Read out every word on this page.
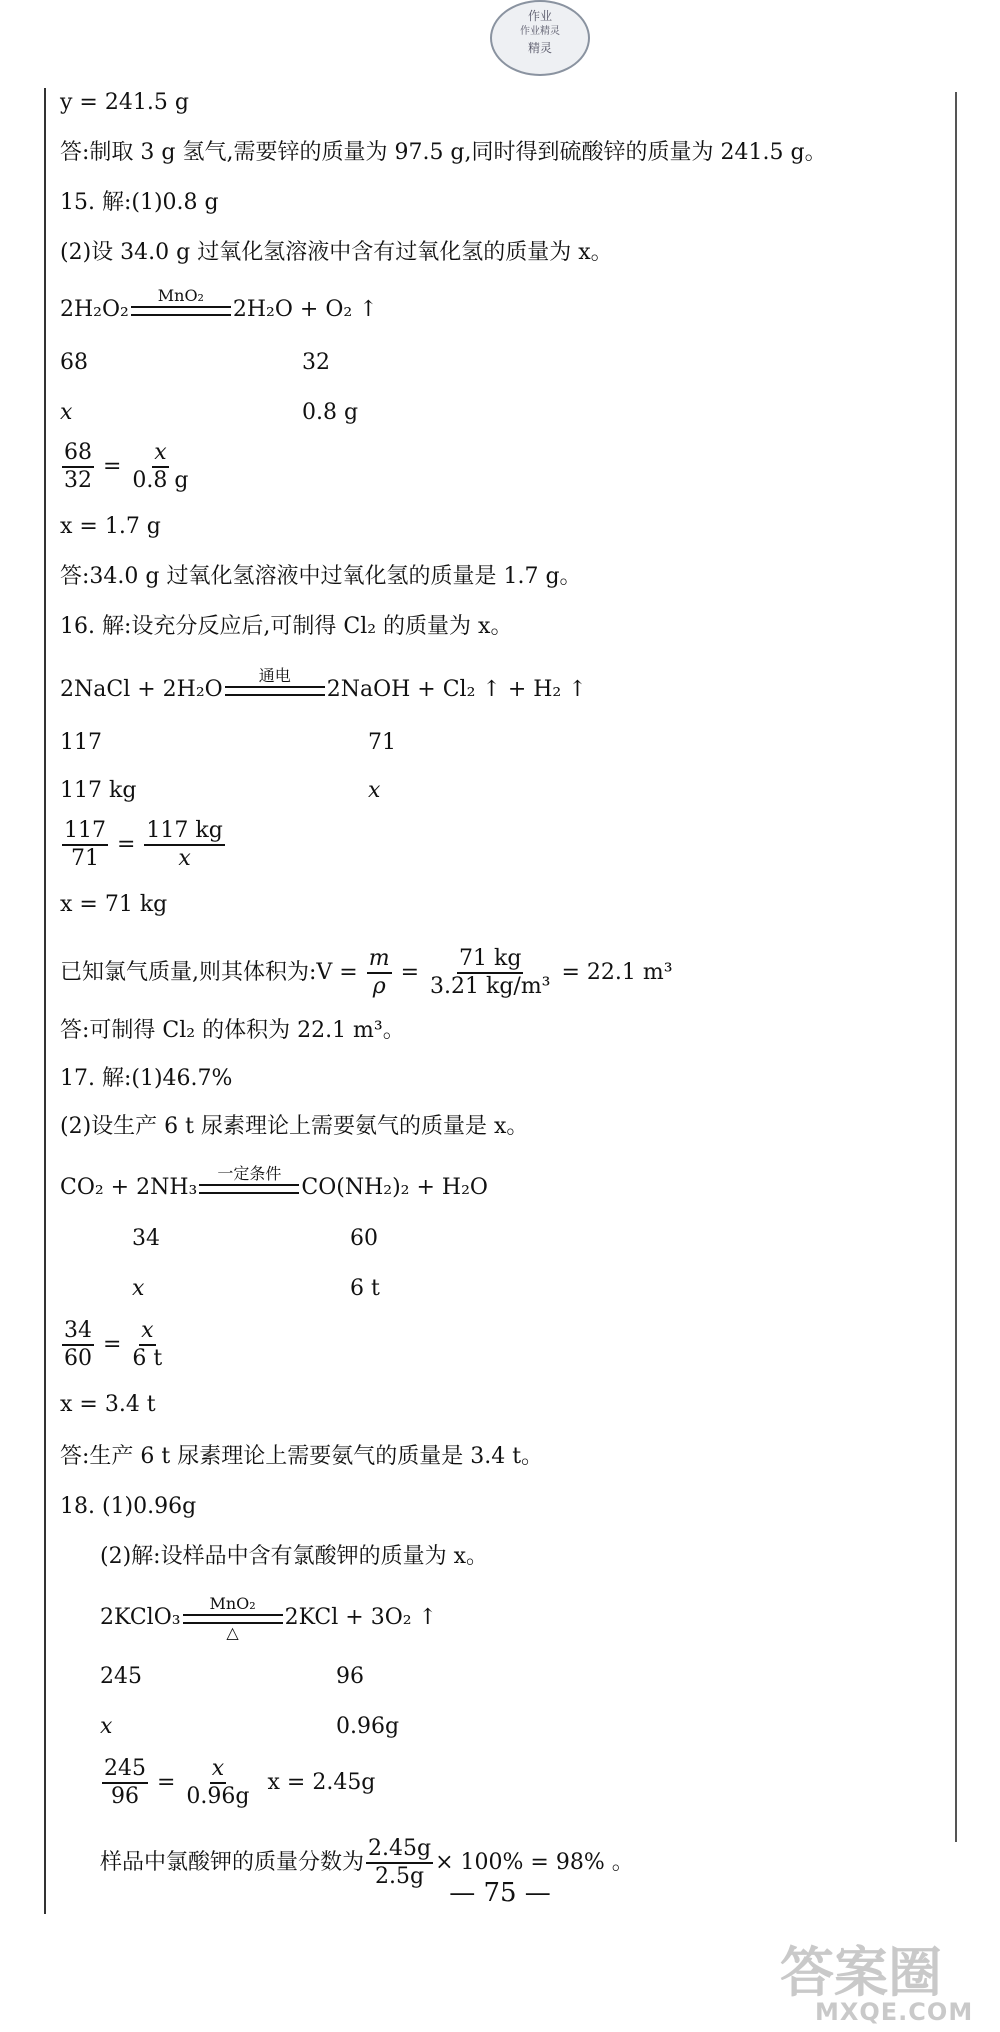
作业
作业精灵
精灵
y = 241.5 g
答:制取 3 g 氢气,需要锌的质量为 97.5 g,同时得到硫酸锌的质量为 241.5 g。
15. 解:(1)0.8 g
(2)设 34.0 g 过氧化氢溶液中含有过氧化氢的质量为 x。
2H₂O₂
MnO₂
2H₂O + O₂ ↑
68	32
x	0.8 g
$\frac{68}{32} = \frac{x}{0.8 g}$
x = 1.7 g
答:34.0 g 过氧化氢溶液中过氧化氢的质量是 1.7 g。
16. 解:设充分反应后,可制得 Cl₂ 的质量为 x。
2NaCl + 2H₂O
通电
2NaOH + Cl₂ ↑ + H₂ ↑
117	71
117 kg	x
$\frac{117}{71} = \frac{117 kg}{x}$
x = 71 kg
已知氯气质量,则其体积为:V = $\frac{m}{\rho} = \frac{71 kg}{\text{3.21 kg/m³}} = 22.1$ m³
答:可制得 Cl₂ 的体积为 22.1 m³。
17. 解:(1)46.7%
(2)设生产 6 t 尿素理论上需要氨气的质量是 x。
CO₂ + 2NH₃
一定条件
CO(NH₂)₂ + H₂O
34	60
x	6 t
$\frac{34}{60} = \frac{x}{6 t}$
x = 3.4 t
答:生产 6 t 尿素理论上需要氨气的质量是 3.4 t。
18. (1)0.96g
(2)解:设样品中含有氯酸钾的质量为 x。
2KClO₃
MnO₂
△
2KCl + 3O₂ ↑
245	96
x	0.96g
$\frac{245}{96} = \frac{x}{0.96g}$ x = 2.45g
样品中氯酸钾的质量分数为 $\frac{2.45g}{2.5g} \times 100\% = 98\%$ 。
— 75 —
答案圈
MXQE.COM
